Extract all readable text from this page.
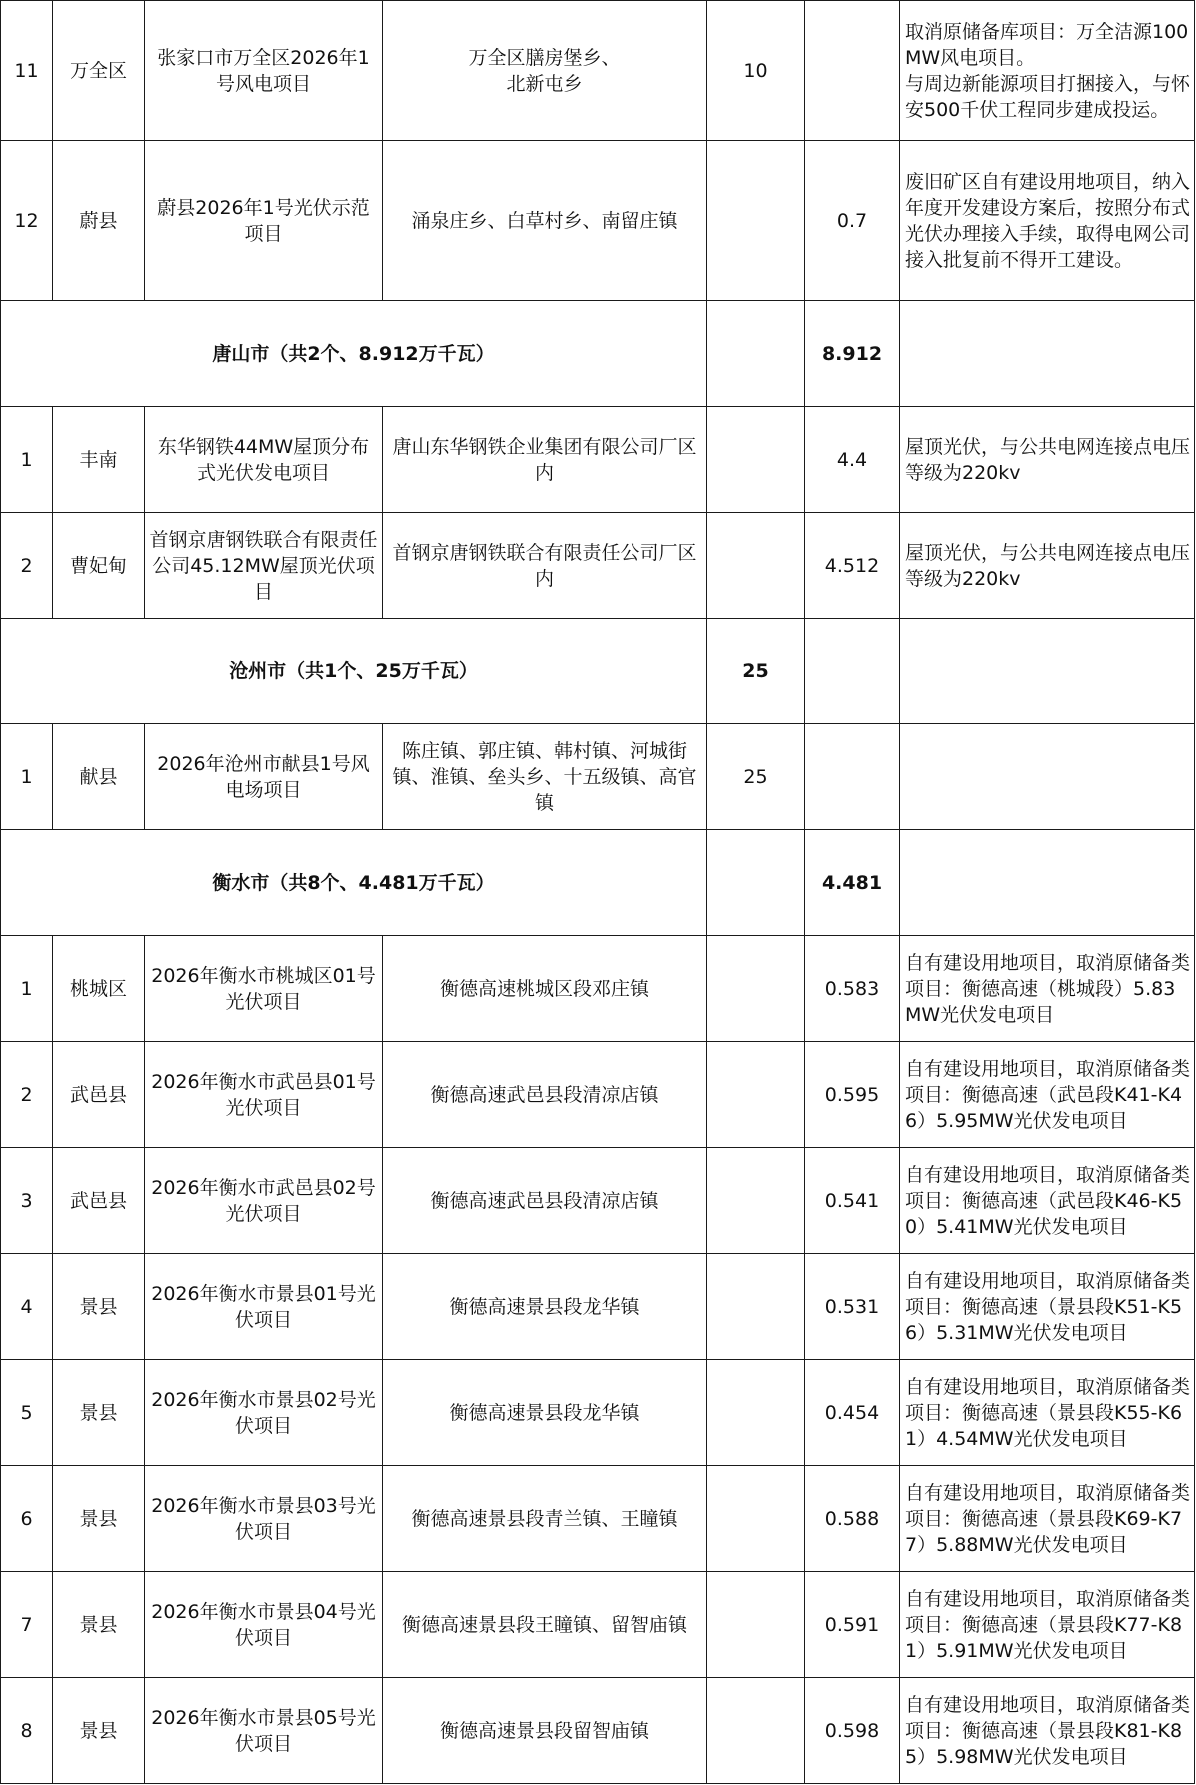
11	万全区	张家口市万全区2026年1号风电项目	万全区膳房堡乡、
北新屯乡	10		取消原储备库项目：万全洁源100MW风电项目。
与周边新能源项目打捆接入，与怀安500千伏工程同步建成投运。

12	蔚县	蔚县2026年1号光伏示范项目	涌泉庄乡、白草村乡、南留庄镇		0.7	废旧矿区自有建设用地项目，纳入年度开发建设方案后，按照分布式光伏办理接入手续，取得电网公司接入批复前不得开工建设。

唐山市（共2个、8.912万千瓦）					8.912	

1	丰南	东华钢铁44MW屋顶分布式光伏发电项目	唐山东华钢铁企业集团有限公司厂区内		4.4	屋顶光伏，与公共电网连接点电压等级为220kv

2	曹妃甸	首钢京唐钢铁联合有限责任公司45.12MW屋顶光伏项目	首钢京唐钢铁联合有限责任公司厂区内		4.512	屋顶光伏，与公共电网连接点电压等级为220kv

沧州市（共1个、25万千瓦）				25		

1	献县	2026年沧州市献县1号风电场项目	陈庄镇、郭庄镇、韩村镇、河城街镇、淮镇、垒头乡、十五级镇、高官镇	25		

衡水市（共8个、4.481万千瓦）					4.481	

1	桃城区	2026年衡水市桃城区01号光伏项目	衡德高速桃城区段邓庄镇		0.583	自有建设用地项目，取消原储备类项目：衡德高速（桃城段）5.83MW光伏发电项目

2	武邑县	2026年衡水市武邑县01号光伏项目	衡德高速武邑县段清凉店镇		0.595	自有建设用地项目，取消原储备类项目：衡德高速（武邑段K41-K46）5.95MW光伏发电项目

3	武邑县	2026年衡水市武邑县02号光伏项目	衡德高速武邑县段清凉店镇		0.541	自有建设用地项目，取消原储备类项目：衡德高速（武邑段K46-K50）5.41MW光伏发电项目

4	景县	2026年衡水市景县01号光伏项目	衡德高速景县段龙华镇		0.531	自有建设用地项目，取消原储备类项目：衡德高速（景县段K51-K56）5.31MW光伏发电项目

5	景县	2026年衡水市景县02号光伏项目	衡德高速景县段龙华镇		0.454	自有建设用地项目，取消原储备类项目：衡德高速（景县段K55-K61）4.54MW光伏发电项目

6	景县	2026年衡水市景县03号光伏项目	衡德高速景县段青兰镇、王瞳镇		0.588	自有建设用地项目，取消原储备类项目：衡德高速（景县段K69-K77）5.88MW光伏发电项目

7	景县	2026年衡水市景县04号光伏项目	衡德高速景县段王瞳镇、留智庙镇		0.591	自有建设用地项目，取消原储备类项目：衡德高速（景县段K77-K81）5.91MW光伏发电项目

8	景县	2026年衡水市景县05号光伏项目	衡德高速景县段留智庙镇		0.598	自有建设用地项目，取消原储备类项目：衡德高速（景县段K81-K85）5.98MW光伏发电项目
